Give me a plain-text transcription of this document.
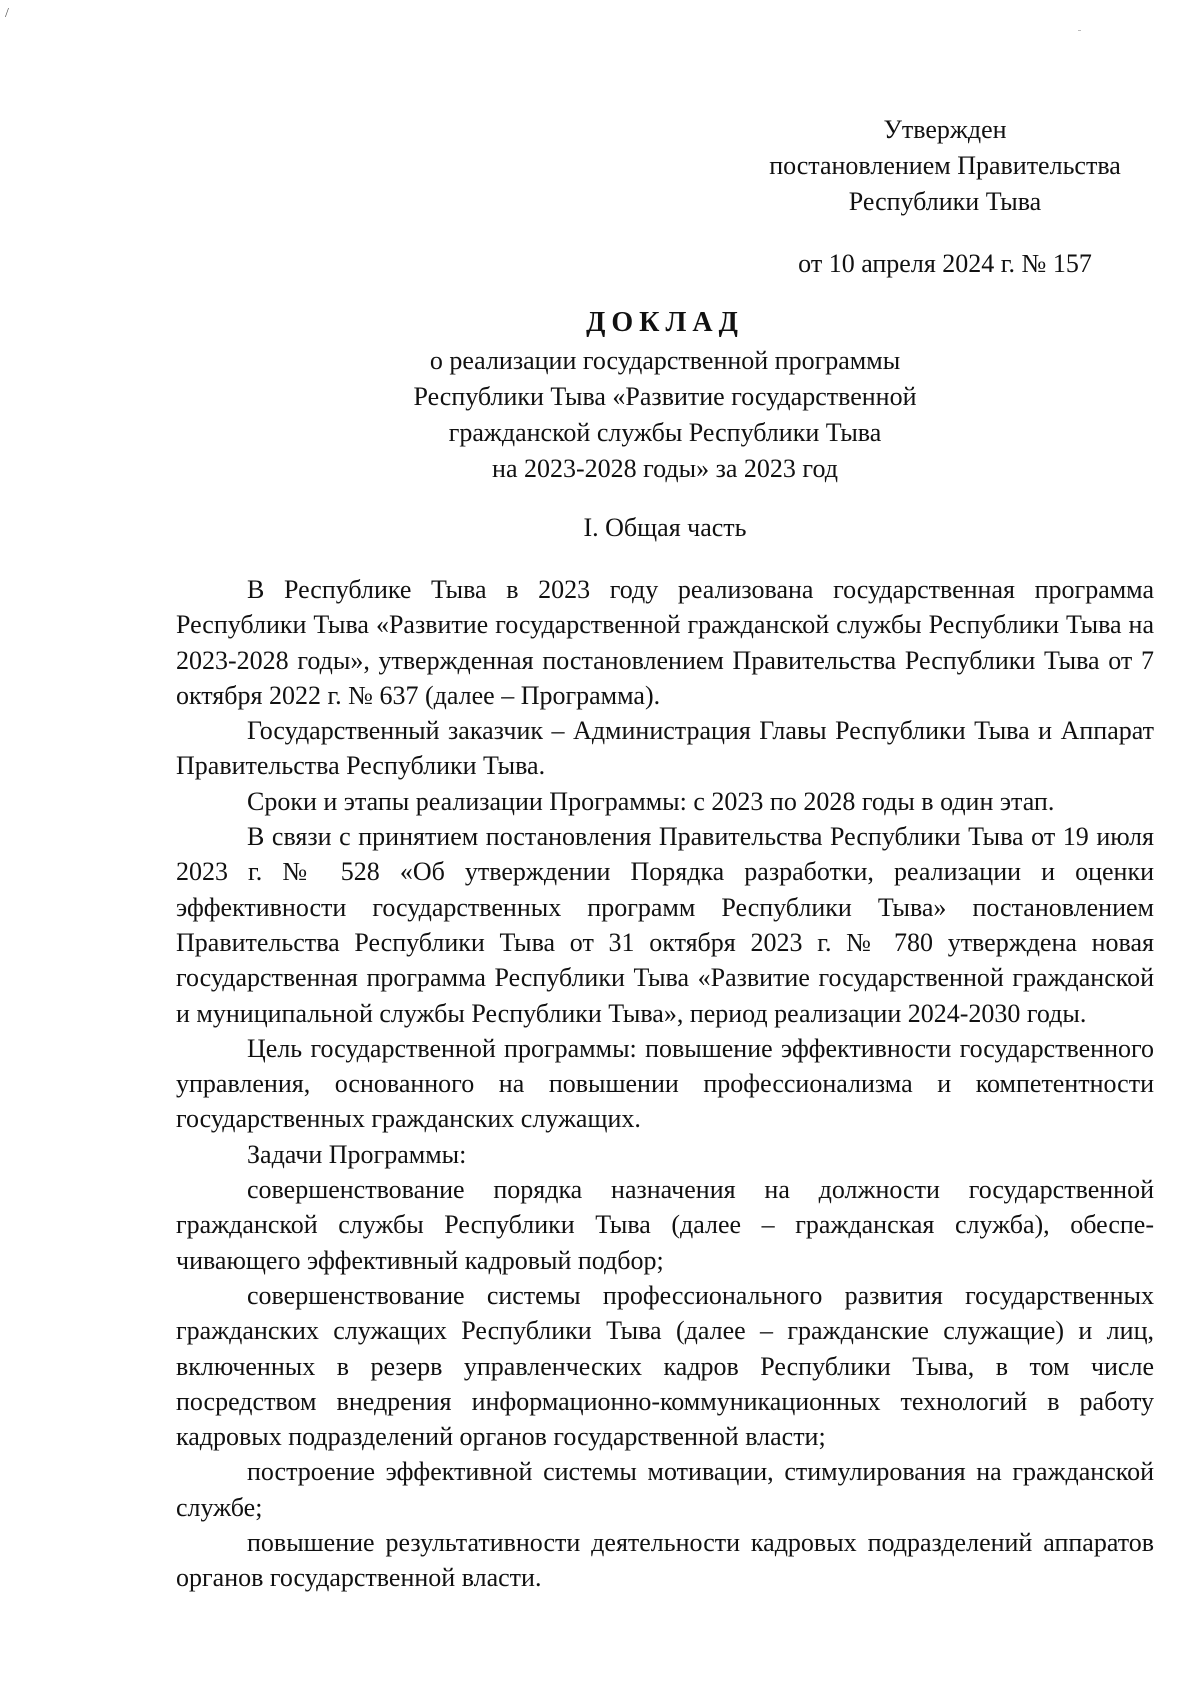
/
Утвержден
постановлением Правительства
Республики Тыва
от 10 апреля 2024 г. № 157
ДОКЛАД
о реализации государственной программы
Республики Тыва «Развитие государственной
гражданской службы Республики Тыва
на 2023-2028 годы» за 2023 год
I. Общая часть

В Республике Тыва в 2023 году реализована государственная программа Республики Тыва «Развитие государственной гражданской службы Республики Тыва на 2023-2028 годы», утвержденная постановлением Правительства Республики Тыва от 7 октября 2022 г. № 637 (далее – Программа).

Государственный заказчик – Администрация Главы Республики Тыва и Аппарат Правительства Республики Тыва.

Сроки и этапы реализации Программы: с 2023 по 2028 годы в один этап.

В связи с принятием постановления Правительства Республики Тыва от 19 июля 2023 г. № 528 «Об утверждении Порядка разработки, реализации и оценки эффективности государственных программ Республики Тыва» постановлением Правительства Республики Тыва от 31 октября 2023 г. № 780 утверждена новая государственная программа Республики Тыва «Развитие государственной гражданской и муниципальной службы Республики Тыва», период реализации 2024-2030 годы.

Цель государственной программы: повышение эффективности государственного управления, основанного на повышении профессионализма и компетентности государственных гражданских служащих.

Задачи Программы:

совершенствование порядка назначения на должности государственной гражданской службы Республики Тыва (далее – гражданская служба), обеспечивающего эффективный кадровый подбор;

совершенствование системы профессионального развития государственных гражданских служащих Республики Тыва (далее – гражданские служащие) и лиц, включенных в резерв управленческих кадров Республики Тыва, в том числе посредством внедрения информационно-коммуникационных технологий в работу кадровых подразделений органов государственной власти;

построение эффективной системы мотивации, стимулирования на гражданской службе;

повышение результативности деятельности кадровых подразделений аппаратов органов государственной власти.
